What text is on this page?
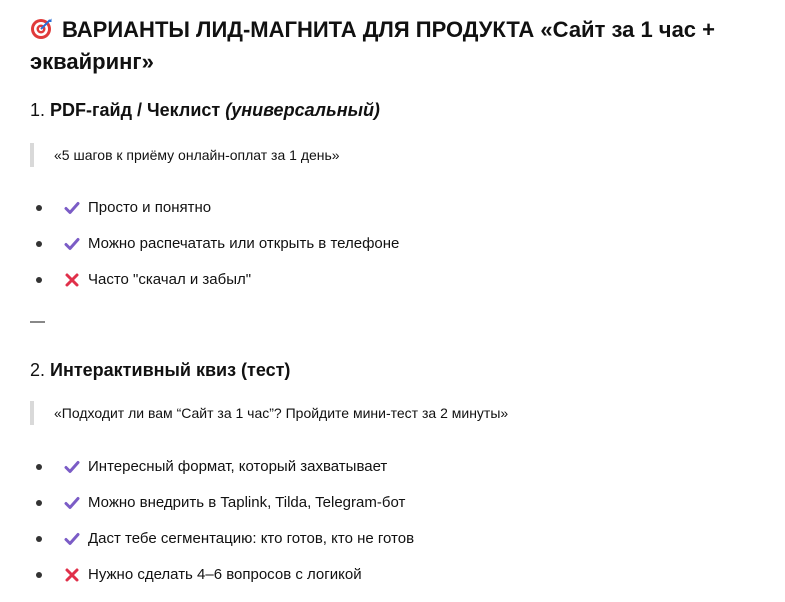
ВАРИАНТЫ ЛИД-МАГНИТА ДЛЯ ПРОДУКТА «Сайт за 1 час + эквайринг»
1. PDF-гайд / Чеклист (универсальный)
«5 шагов к приёму онлайн-оплат за 1 день»
Просто и понятно
Можно распечатать или открыть в телефоне
Часто "скачал и забыл"
—
2. Интерактивный квиз (тест)
«Подходит ли вам “Сайт за 1 час”? Пройдите мини-тест за 2 минуты»
Интересный формат, который захватывает
Можно внедрить в Taplink, Tilda, Telegram-бот
Даст тебе сегментацию: кто готов, кто не готов
Нужно сделать 4–6 вопросов с логикой
